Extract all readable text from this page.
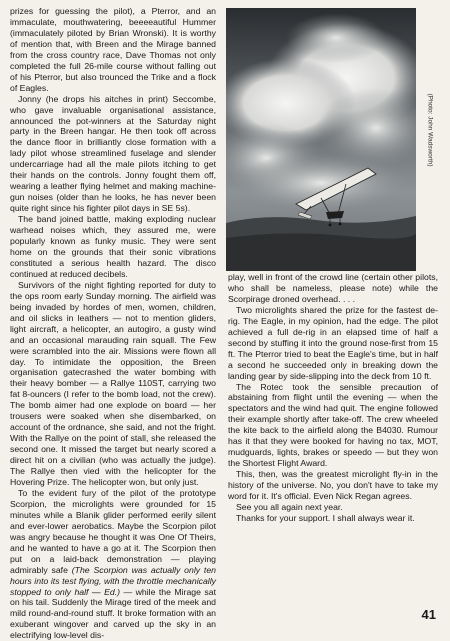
prizes for guessing the pilot), a Pterror, and an immaculate, mouthwatering, beeeeautiful Hummer (immaculately piloted by Brian Wronski). It is worthy of mention that, with Breen and the Mirage banned from the cross country race, Dave Thomas not only completed the full 26-mile course without falling out of his Pterror, but also trounced the Trike and a flock of Eagles.

Jonny (he drops his aitches in print) Seccombe, who gave invaluable organisational assistance, announced the pot-winners at the Saturday night party in the Breen hangar. He then took off across the dance floor in brilliantly close formation with a lady pilot whose streamlined fuselage and slender undercarriage had all the male pilots itching to get their hands on the controls. Jonny fought them off, wearing a leather flying helmet and making machine-gun noises (older than he looks, he has never been quite right since his fighter pilot days in SE 5s).

The band joined battle, making exploding nuclear warhead noises which, they assured me, were popularly known as funky music. They were sent home on the grounds that their sonic vibrations constituted a serious health hazard. The disco continued at reduced decibels.

Survivors of the night fighting reported for duty to the ops room early Sunday morning. The airfield was being invaded by hordes of men, women, children, and oil slicks in leathers — not to mention gliders, light aircraft, a helicopter, an autogiro, a gusty wind and an occasional marauding rain squall. The Few were scrambled into the air. Missions were flown all day. To intimidate the opposition, the Breen organisation gatecrashed the water bombing with their heavy bomber — a Rallye 110ST, carrying two fat 8-ouncers (I refer to the bomb load, not the crew). The bomb aimer had one explode on board — her trousers were soaked when she disembarked, on account of the ordnance, she said, and not the fright. With the Rallye on the point of stall, she released the second one. It missed the target but nearly scored a direct hit on a civilian (who was actually the judge). The Rallye then vied with the helicopter for the Hovering Prize. The helicopter won, but only just.

To the evident fury of the pilot of the prototype Scorpion, the microlights were grounded for 15 minutes while a Blanik glider performed eerily silent and ever-lower aerobatics. Maybe the Scorpion pilot was angry because he thought it was One Of Theirs, and he wanted to have a go at it. The Scorpion then put on a laid-back demonstration — playing admirably safe (The Scorpion was actually only ten hours into its test flying, with the throttle mechanically stopped to only half — Ed.) — while the Mirage sat on his tail. Suddenly the Mirage tired of the meek and mild round-and-round stuff. It broke formation with an exuberant wingover and carved up the sky in an electrifying low-level dis-

(Photo: John Wadsworth)

play, well in front of the crowd line (certain other pilots, who shall be nameless, please note) while the Scorpirage droned overhead. . . .

Two microlights shared the prize for the fastest de-rig. The Eagle, in my opinion, had the edge. The pilot achieved a full de-rig in an elapsed time of half a second by stuffing it into the ground nose-first from 15 ft. The Pterror tried to beat the Eagle's time, but in half a second he succeeded only in breaking down the landing gear by side-slipping into the deck from 10 ft.

The Rotec took the sensible precaution of abstaining from flight until the evening — when the spectators and the wind had quit. The engine followed their example shortly after take-off. The crew wheeled the kite back to the airfield along the B4030. Rumour has it that they were booked for having no tax, MOT, mudguards, lights, brakes or speedo — but they won the Shortest Flight Award.

This, then, was the greatest microlight fly-in in the history of the universe. No, you don't have to take my word for it. It's official. Even Nick Regan agrees.

See you all again next year.

Thanks for your support. I shall always wear it.

41
